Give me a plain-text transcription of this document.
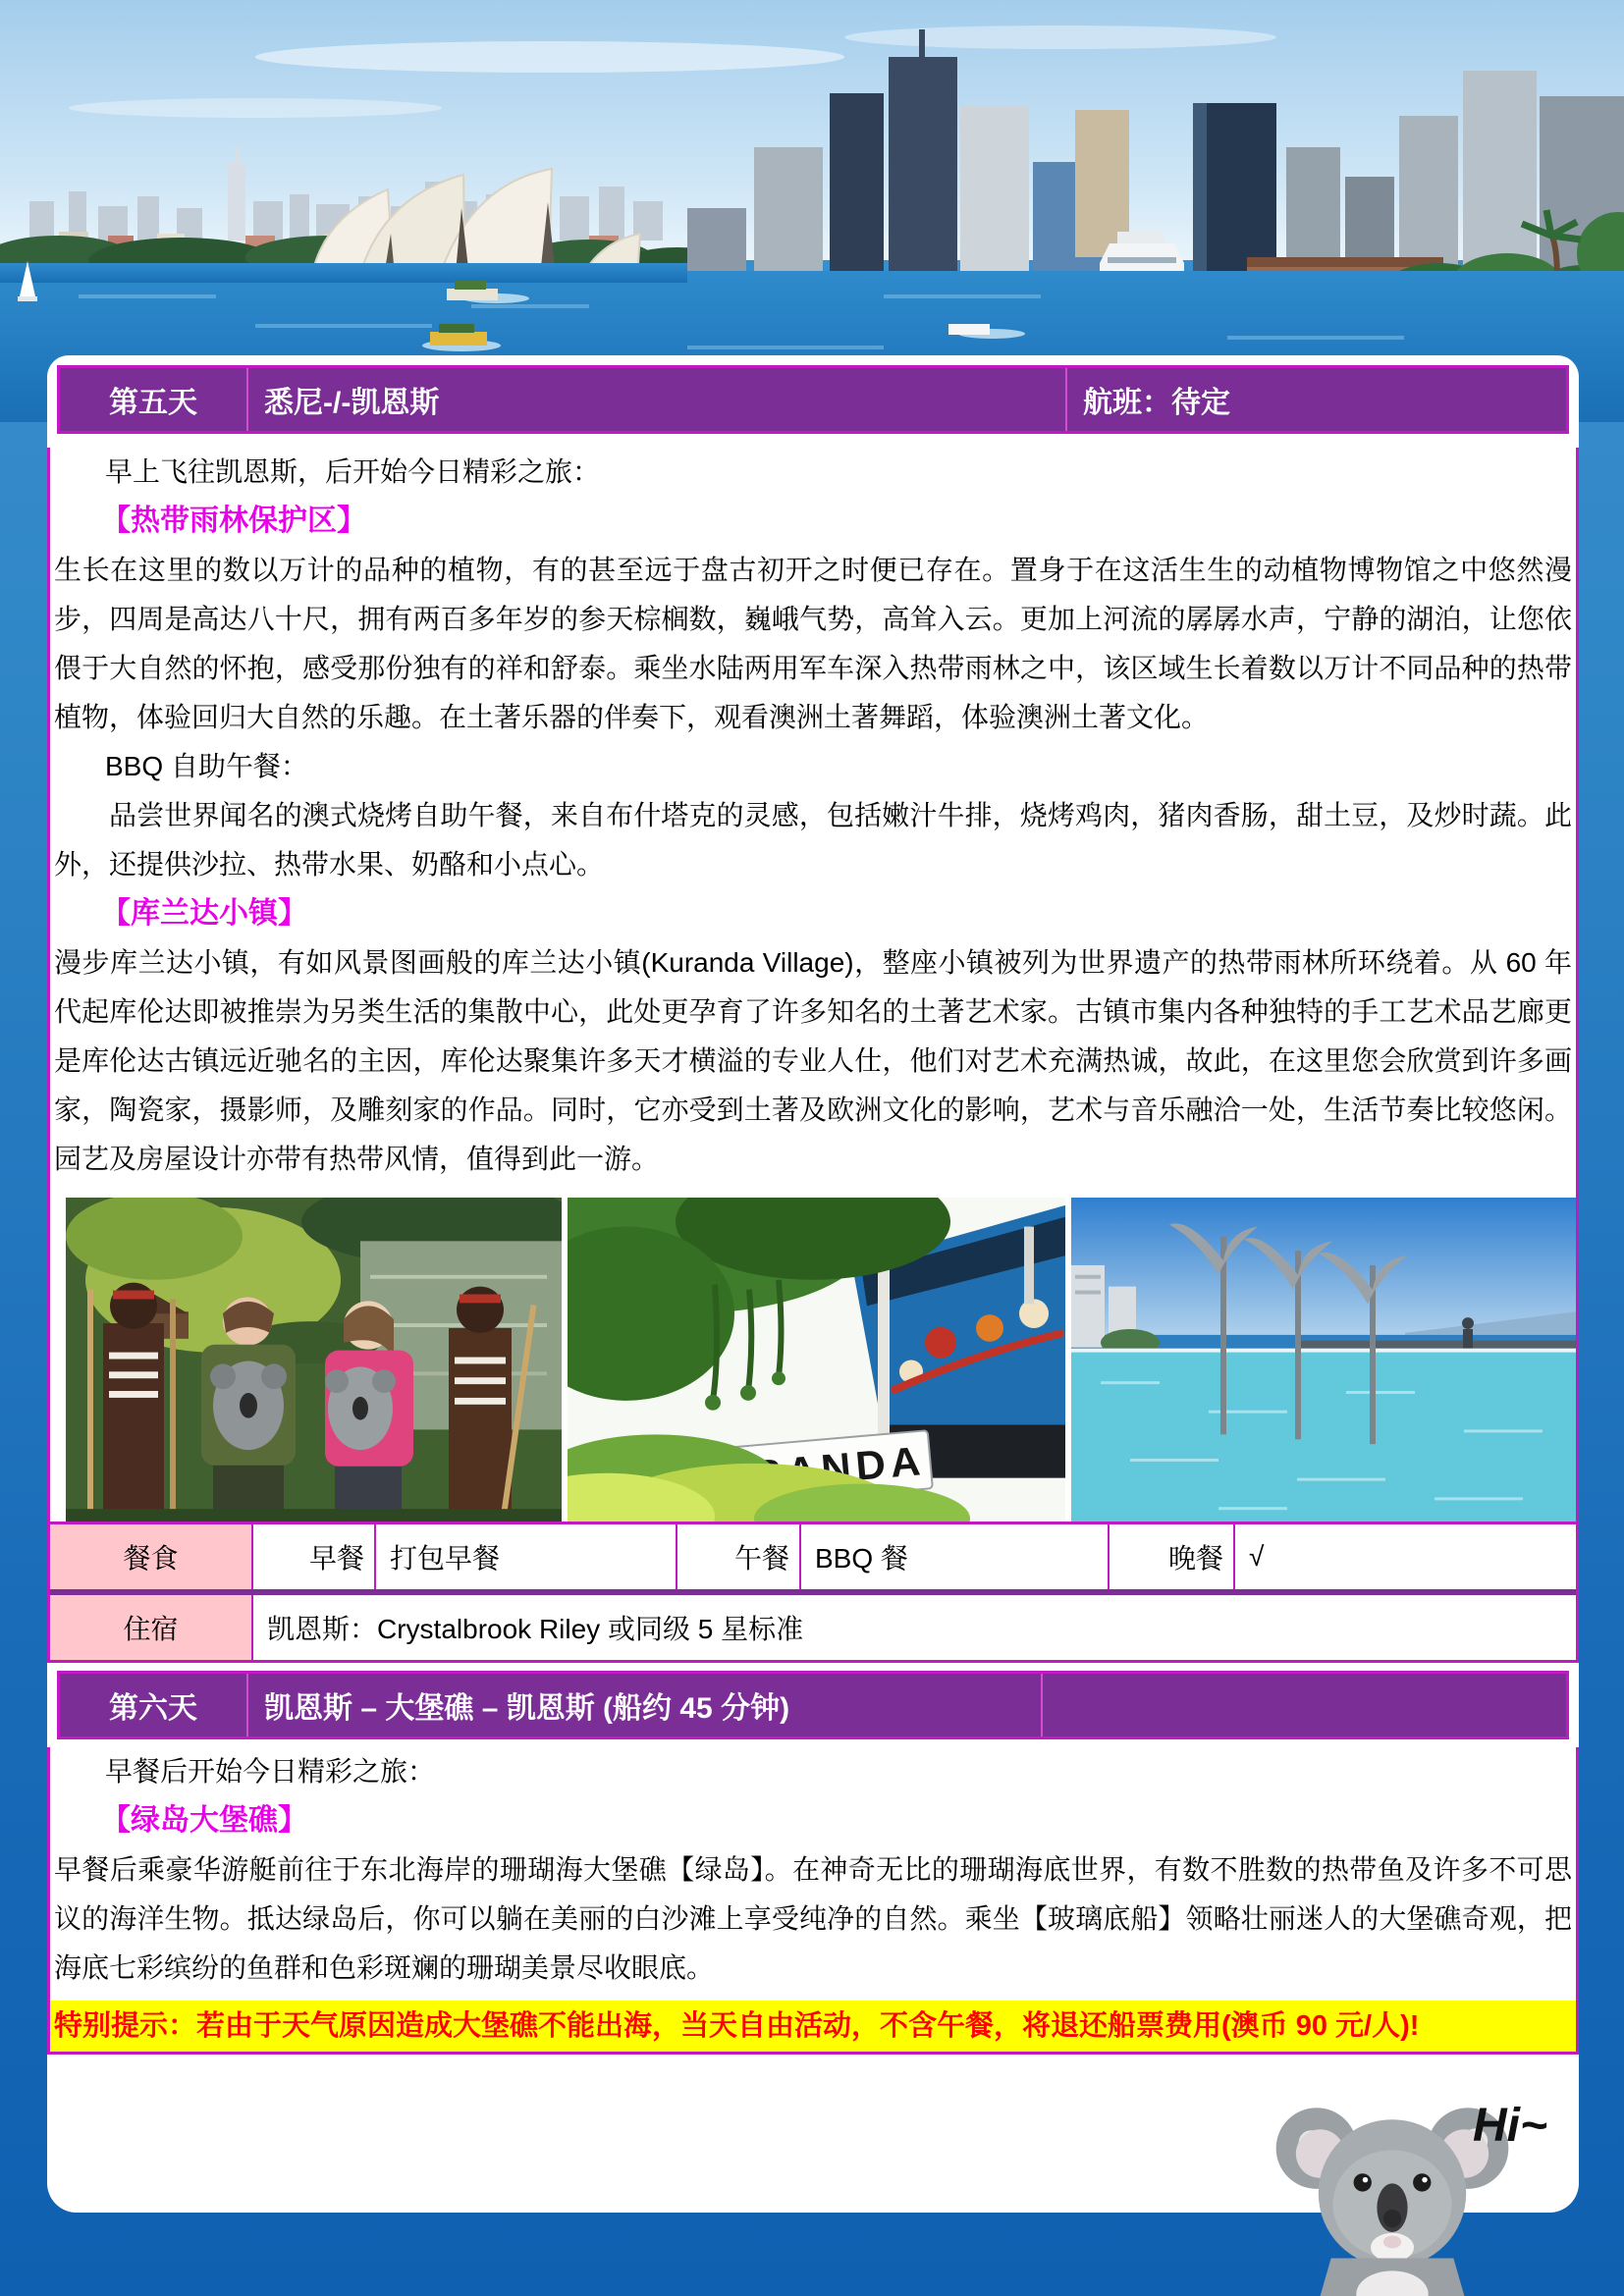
第五天	悉尼-/-凯恩斯	航班：待定

早上飞往凯恩斯，后开始今日精彩之旅：

【热带雨林保护区】

生长在这里的数以万计的品种的植物，有的甚至远于盘古初开之时便已存在。置身于在这活生生的动植物博物馆之中悠然漫步，四周是高达八十尺，拥有两百多年岁的参天棕榈数，巍峨气势，高耸入云。更加上河流的孱孱水声，宁静的湖泊，让您依偎于大自然的怀抱，感受那份独有的祥和舒泰。乘坐水陆两用军车深入热带雨林之中，该区域生长着数以万计不同品种的热带植物，体验回归大自然的乐趣。在土著乐器的伴奏下，观看澳洲土著舞蹈，体验澳洲土著文化。

BBQ 自助午餐：

品尝世界闻名的澳式烧烤自助午餐，来自布什塔克的灵感，包括嫩汁牛排，烧烤鸡肉，猪肉香肠，甜土豆，及炒时蔬。此外，还提供沙拉、热带水果、奶酪和小点心。

【库兰达小镇】

漫步库兰达小镇，有如风景图画般的库兰达小镇(Kuranda Village)，整座小镇被列为世界遗产的热带雨林所环绕着。从 60 年代起库伦达即被推崇为另类生活的集散中心，此处更孕育了许多知名的土著艺术家。古镇市集内各种独特的手工艺术品艺廊更是库伦达古镇远近驰名的主因，库伦达聚集许多天才横溢的专业人仕，他们对艺术充满热诚，故此，在这里您会欣赏到许多画家，陶瓷家，摄影师，及雕刻家的作品。同时，它亦受到土著及欧洲文化的影响，艺术与音乐融洽一处，生活节奏比较悠闲。园艺及房屋设计亦带有热带风情，值得到此一游。

餐食	早餐 打包早餐	午餐 BBQ 餐	晚餐 √
住宿	凯恩斯：Crystalbrook Riley 或同级 5 星标准
第六天	凯恩斯 – 大堡礁 – 凯恩斯 (船约 45 分钟)

早餐后开始今日精彩之旅：

【绿岛大堡礁】

早餐后乘豪华游艇前往于东北海岸的珊瑚海大堡礁【绿岛】。在神奇无比的珊瑚海底世界，有数不胜数的热带鱼及许多不可思议的海洋生物。抵达绿岛后，你可以躺在美丽的白沙滩上享受纯净的自然。乘坐【玻璃底船】领略壮丽迷人的大堡礁奇观，把海底七彩缤纷的鱼群和色彩斑斓的珊瑚美景尽收眼底。

特别提示：若由于天气原因造成大堡礁不能出海，当天自由活动，不含午餐，将退还船票费用(澳币 90 元/人)!
Hi~
